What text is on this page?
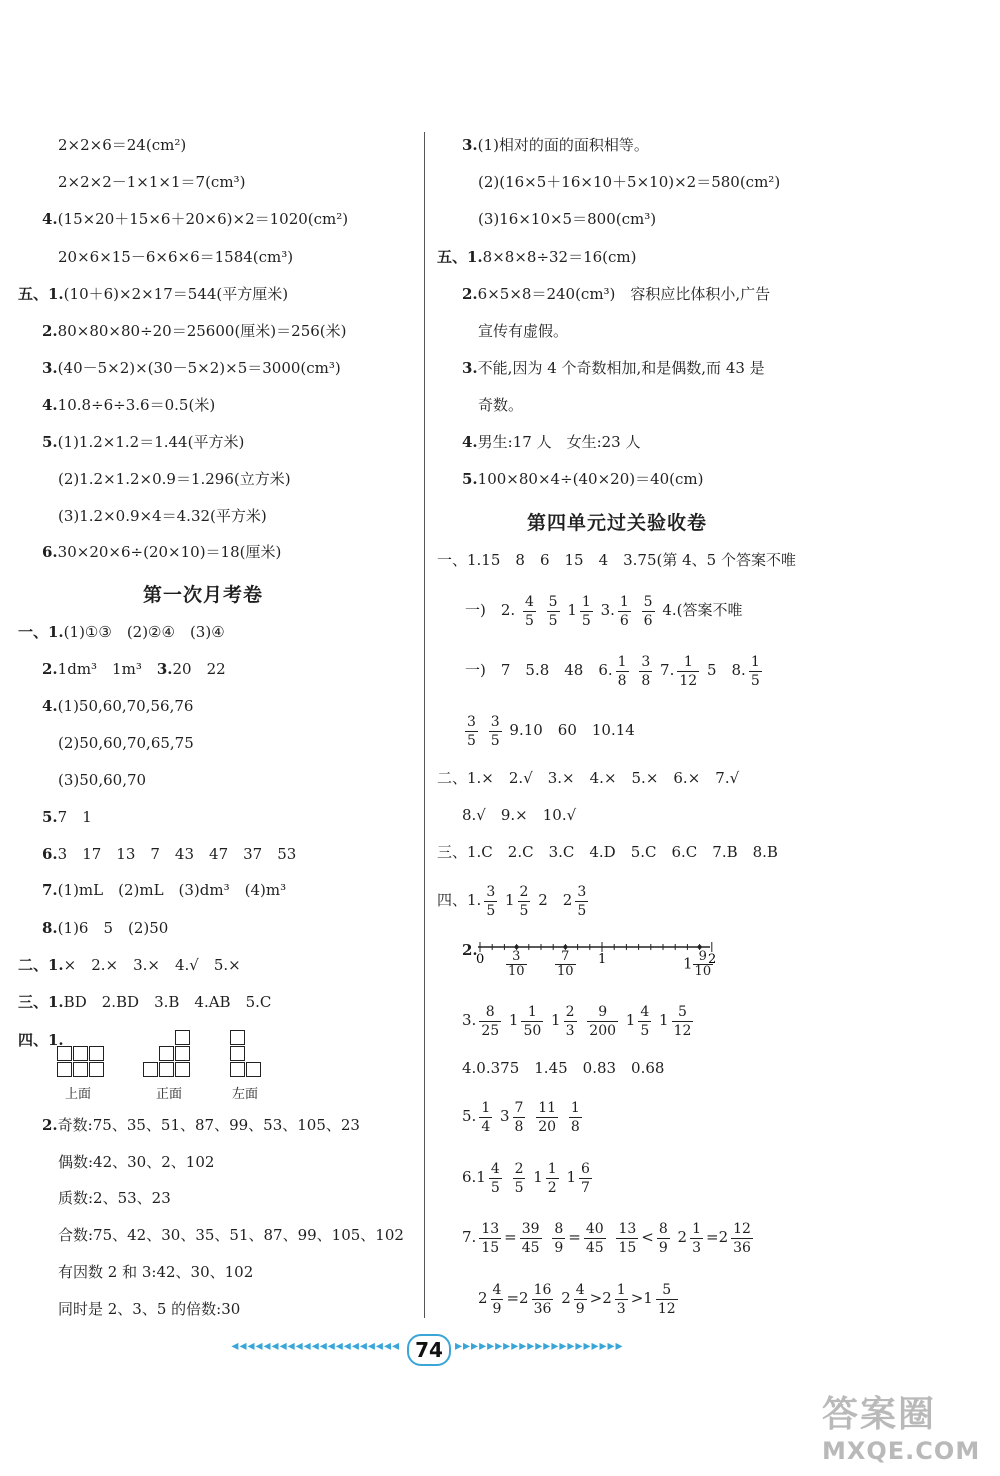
2×2×6＝24(cm²)
2×2×2－1×1×1＝7(cm³)
4.(15×20＋15×6＋20×6)×2＝1020(cm²)
20×6×15－6×6×6＝1584(cm³)
五、1.(10＋6)×2×17＝544(平方厘米)
2.80×80×80÷20＝25600(厘米)＝256(米)
3.(40－5×2)×(30－5×2)×5＝3000(cm³)
4.10.8÷6÷3.6＝0.5(米)
5.(1)1.2×1.2＝1.44(平方米)
(2)1.2×1.2×0.9＝1.296(立方米)
(3)1.2×0.9×4＝4.32(平方米)
6.30×20×6÷(20×10)＝18(厘米)
第一次月考卷
一、1.(1)①③　(2)②④　(3)④
2.1dm³　1m³　3.20　22
4.(1)50,60,70,56,76
(2)50,60,70,65,75
(3)50,60,70
5.7　1
6.3　17　13　7　43　47　37　53
7.(1)mL　(2)mL　(3)dm³　(4)m³
8.(1)6　5　(2)50
二、1.×　2.×　3.×　4.√　5.×
三、1.BD　2.BD　3.B　4.AB　5.C
四、1.
上面	正面	左面
2.奇数:75、35、51、87、99、53、105、23
偶数:42、30、2、102
质数:2、53、23
合数:75、42、30、35、51、87、99、105、102
有因数 2 和 3:42、30、102
同时是 2、3、5 的倍数:30
3.(1)相对的面的面积相等。
(2)(16×5＋16×10＋5×10)×2＝580(cm²)
(3)16×10×5＝800(cm³)
五、1.8×8×8÷32＝16(cm)
2.6×5×8＝240(cm³)　容积应比体积小,广告
宣传有虚假。
3.不能,因为 4 个奇数相加,和是偶数,而 43 是
奇数。
4.男生:17 人　女生:23 人
5.100×80×4÷(40×20)＝40(cm)
第四单元过关验收卷
一、1.15　8　6　15　4　3.75(第 4、5 个答案不唯
一)　2. $\frac{4}{5}$
$\frac{5}{5} 1 \frac{1}{5} 3$. $\frac{1}{6}$
$\frac{5}{6} 4$.(答案不唯
一)　7　5.8　48　6. $\frac{1}{8}$
$\frac{3}{8} 7$. $\frac{1}{12} 5$　8. $\frac{1}{5}$
$\frac{3}{5}$
$\frac{3}{5} 9.10$　60　10.14
二、1.×　2.√　3.×　4.×　5.×　6.×　7.√
8.√　9.×　10.√
三、1.C　2.C　3.C　4.D　5.C　6.C　7.B　8.B
四、1. $\frac{3}{5} 1 \frac{2}{5} 2$　$2 \frac{3}{5}$
2.
0	1	2
$\frac{3}{10} \frac{7}{10}$	$1 \frac{9}{10}$
3. $\frac{8}{25} 1 \frac{1}{50} 1 \frac{2}{3}$
$\frac{9}{200} 1 \frac{4}{5} 1 \frac{5}{12}$
4.0.375　1.45　0.83　0.68
5. $\frac{1}{4} 3 \frac{7}{8}$
$\frac{11}{20}$
$\frac{1}{8}$
$6.1 \frac{4}{5}$
$\frac{2}{5} 1 \frac{1}{2} 1 \frac{6}{7}$
7. $\frac{13}{15} = \frac{39}{45}$
$\frac{8}{9} = \frac{40}{45}$
$\frac{13}{15} < \frac{8}{9} 2 \frac{1}{3} =2 \frac{12}{36}$
$2 \frac{4}{9} =2 \frac{16}{36} 2 \frac{4}{9} >2 \frac{1}{3} >1 \frac{5}{12}$
◂◂◂◂◂◂◂◂◂◂◂◂◂◂◂◂◂◂◂◂◂ 74 ▸▸▸▸▸▸▸▸▸▸▸▸▸▸▸▸▸▸▸▸▸
答案圈
MXQE.COM
